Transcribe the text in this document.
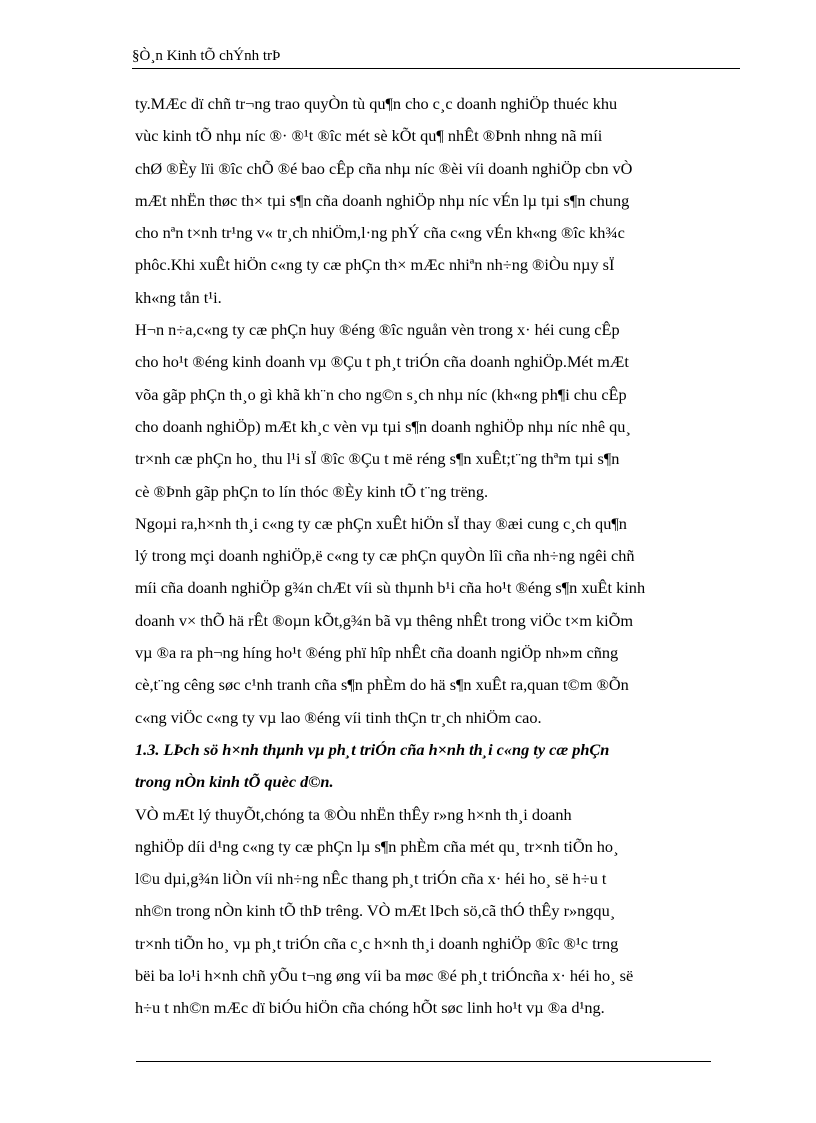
§Ò¸n Kinh tÕ chÝnh trÞ
ty.MÆc dï chñ tr¬ng trao quyÒn tù qu¶n cho c¸c doanh nghiÖp thuéc khu
vùc kinh tÕ nhµ níc ®· ®¹t ®îc mét sè kÕt qu¶ nhÊt ®Þnh nhng nã míi
chØ ®Èy lïi ®îc chÕ ®é bao cÊp cña nhµ níc ®èi víi doanh nghiÖp cbn vÒ
mÆt nhËn thøc th× tµi s¶n cña doanh nghiÖp nhµ níc vÉn lµ tµi s¶n chung
cho nªn t×nh tr¹ng v« tr¸ch nhiÖm,l·ng phÝ cña c«ng vÉn kh«ng ®îc kh¾c
phôc.Khi xuÊt hiÖn c«ng ty cæ phÇn th× mÆc nhiªn nh÷ng ®iÒu nµy sÏ
kh«ng tån t¹i.
H¬n n÷a,c«ng ty cæ phÇn huy ®éng ®îc nguån vèn trong x· héi cung cÊp
cho ho¹t ®éng kinh doanh vµ ®Çu t ph¸t triÓn cña doanh nghiÖp.Mét mÆt
võa gãp phÇn th¸o gì khã kh¨n cho ng©n s¸ch nhµ níc (kh«ng ph¶i chu cÊp
cho doanh nghiÖp) mÆt kh¸c vèn vµ tµi s¶n doanh nghiÖp nhµ níc nhê qu¸
tr×nh cæ phÇn ho¸ thu l¹i sÏ ®îc ®Çu t më réng s¶n xuÊt;t¨ng thªm tµi s¶n
cè ®Þnh gãp phÇn to lín thóc ®Èy kinh tÕ t¨ng trëng.
Ngoµi ra,h×nh th¸i c«ng ty cæ phÇn xuÊt hiÖn sÏ thay ®æi cung c¸ch qu¶n
lý trong mçi doanh nghiÖp,ë c«ng ty cæ phÇn quyÒn lîi cña nh÷ng ngêi chñ
míi cña doanh nghiÖp g¾n chÆt víi sù thµnh b¹i cña ho¹t ®éng s¶n xuÊt kinh
doanh v× thÕ hä rÊt ®oµn kÕt,g¾n bã vµ thêng nhÊt trong viÖc t×m kiÕm
vµ ®a ra ph¬ng híng ho¹t ®éng phï hîp nhÊt cña doanh ngiÖp nh»m cñng
cè,t¨ng cêng søc c¹nh tranh cña s¶n phÈm do hä s¶n xuÊt ra,quan t©m ®Õn
c«ng viÖc c«ng ty vµ lao ®éng víi tinh thÇn tr¸ch nhiÖm cao.
1.3. LÞch sö h×nh thµnh vµ ph¸t triÓn cña h×nh th¸i c«ng ty cæ phÇn
trong nÒn kinh tÕ quèc d©n.
VÒ mÆt lý thuyÕt,chóng ta ®Òu nhËn thÊy r»ng h×nh th¸i doanh
nghiÖp díi d¹ng c«ng ty cæ phÇn lµ s¶n phÈm cña mét qu¸ tr×nh tiÕn ho¸
l©u dµi,g¾n liÒn víi nh÷ng nÊc thang ph¸t triÓn cña x· héi ho¸ së h÷u t
nh©n trong nÒn kinh tÕ thÞ trêng. VÒ mÆt lÞch sö,cã thÓ thÊy r»ngqu¸
tr×nh tiÕn ho¸ vµ ph¸t triÓn cña c¸c h×nh th¸i doanh nghiÖp ®îc ®¹c trng
bëi ba lo¹i h×nh chñ yÕu t¬ng øng víi ba møc ®é ph¸t triÓncña x· héi ho¸ së
h÷u t nh©n mÆc dï biÓu hiÖn cña chóng hÕt søc linh ho¹t vµ ®a d¹ng.
